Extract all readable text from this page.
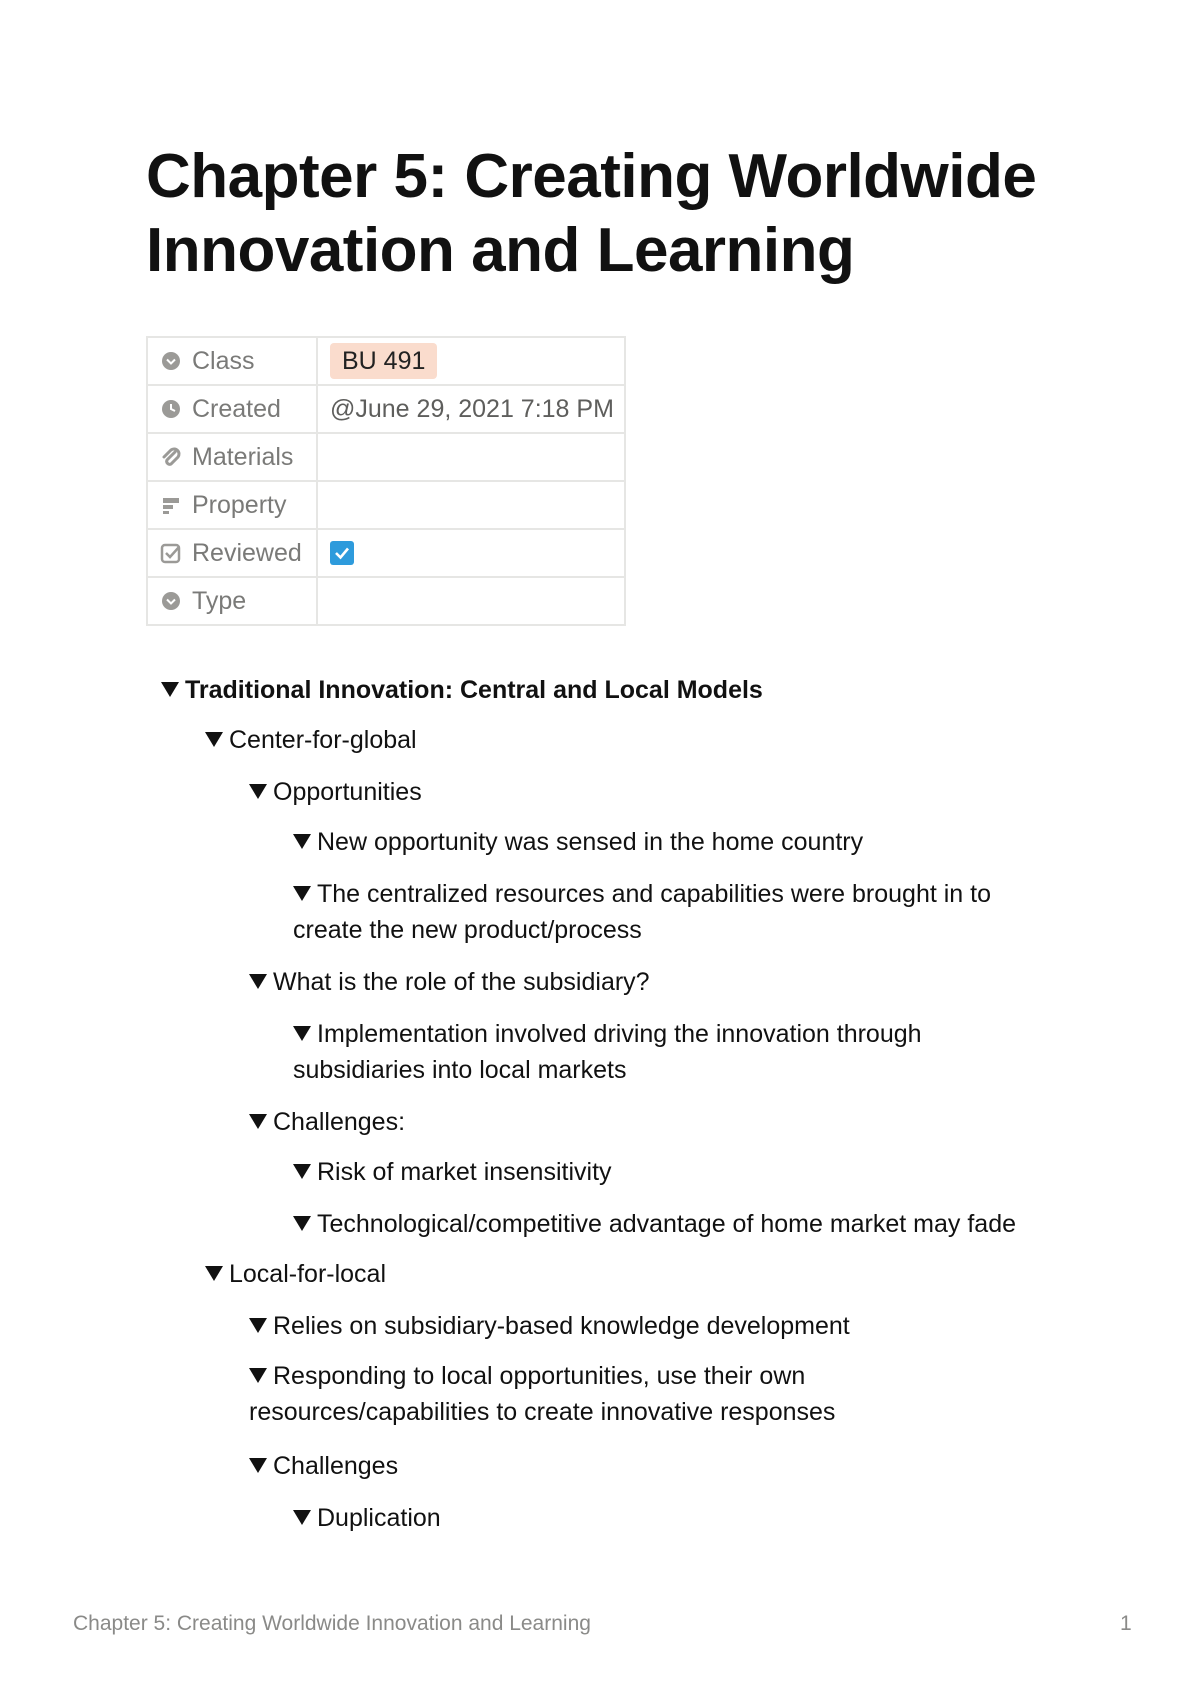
Chapter 5: Creating Worldwide Innovation and Learning
Class	BU 491

Created	@June 29, 2021 7:18 PM

Materials	

Property	

Reviewed

Type	

Traditional Innovation: Central and Local Models
Center-for-global
Opportunities
New opportunity was sensed in the home country
The centralized resources and capabilities were brought in to create the new product/process
What is the role of the subsidiary?
Implementation involved driving the innovation through subsidiaries into local markets
Challenges:
Risk of market insensitivity
Technological/competitive advantage of home market may fade
Local-for-local
Relies on subsidiary-based knowledge development
Responding to local opportunities, use their own resources/capabilities to create innovative responses
Challenges
Duplication
Chapter 5: Creating Worldwide Innovation and Learning	1
